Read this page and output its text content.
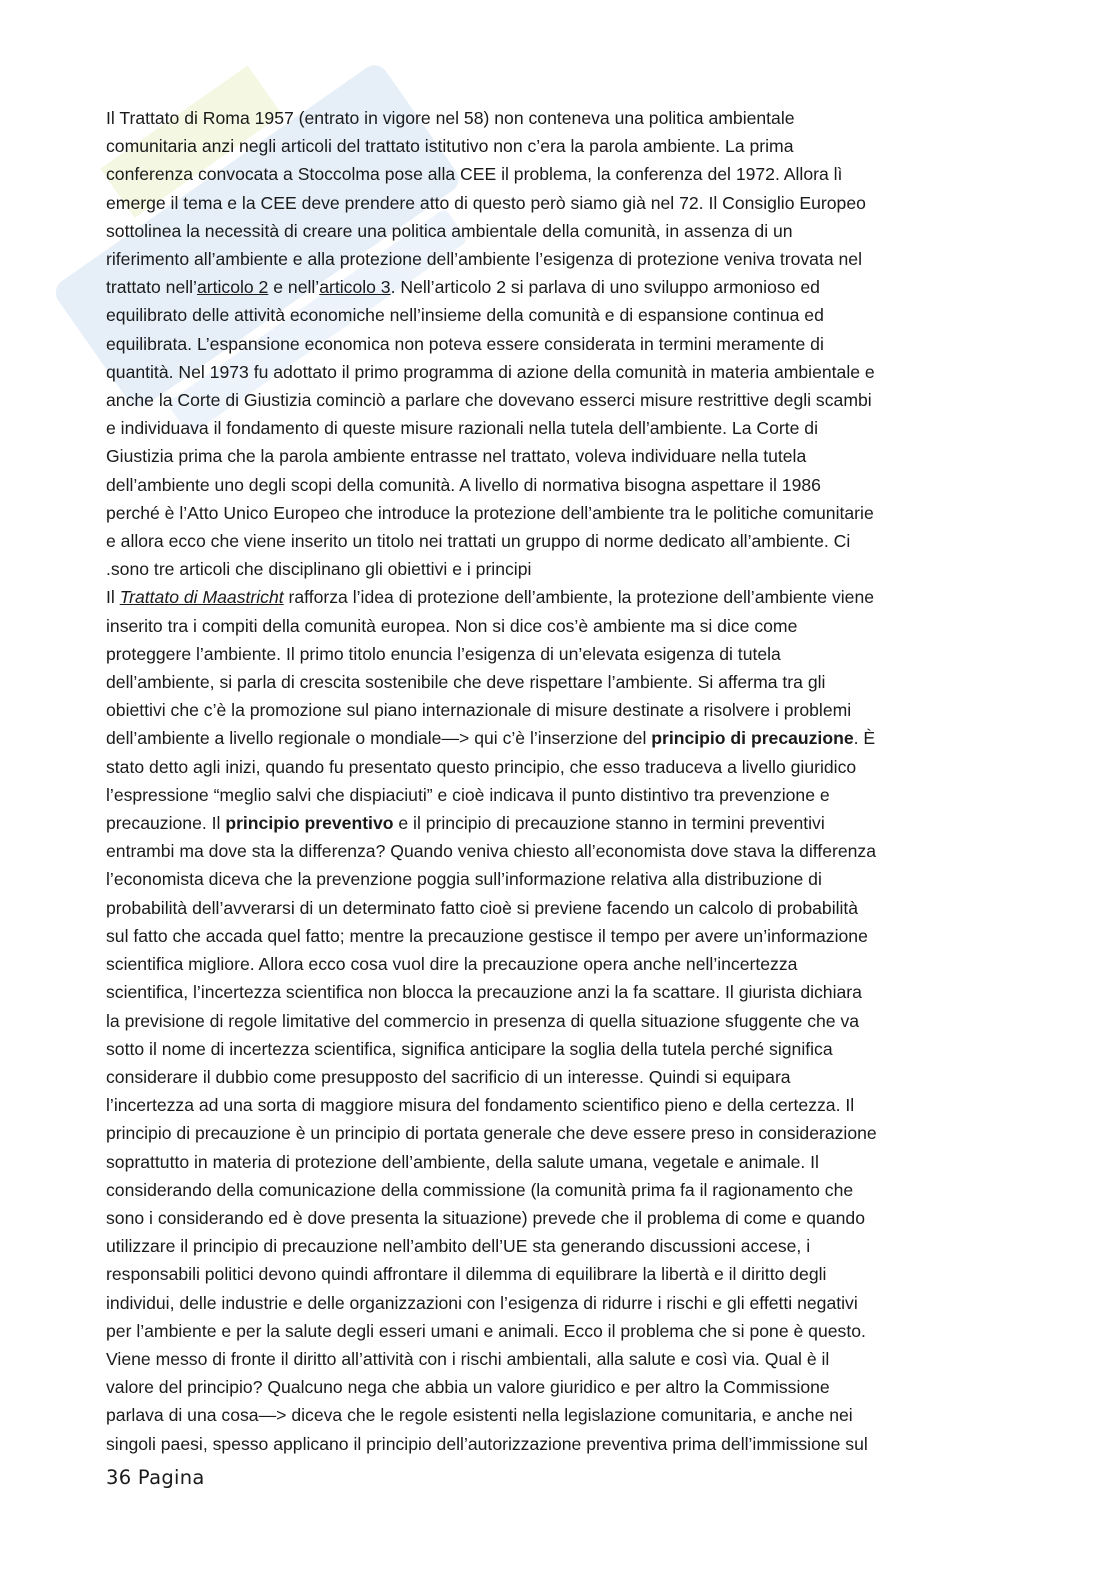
Il Trattato di Roma 1957 (entrato in vigore nel 58) non conteneva una politica ambientale

comunitaria anzi negli articoli del trattato istitutivo non c’era la parola ambiente. La prima

conferenza convocata a Stoccolma pose alla CEE il problema, la conferenza del 1972. Allora lì

emerge il tema e la CEE deve prendere atto di questo però siamo già nel 72. Il Consiglio Europeo

sottolinea la necessità di creare una politica ambientale della comunità, in assenza di un

riferimento all’ambiente e alla protezione dell’ambiente l’esigenza di protezione veniva trovata nel

trattato nell’articolo 2 e nell’articolo 3. Nell’articolo 2 si parlava di uno sviluppo armonioso ed

equilibrato delle attività economiche nell’insieme della comunità e di espansione continua ed

equilibrata. L’espansione economica non poteva essere considerata in termini meramente di

quantità. Nel 1973 fu adottato il primo programma di azione della comunità in materia ambientale e

anche la Corte di Giustizia cominciò a parlare che dovevano esserci misure restrittive degli scambi

e individuava il fondamento di queste misure razionali nella tutela dell’ambiente. La Corte di

Giustizia prima che la parola ambiente entrasse nel trattato, voleva individuare nella tutela

dell’ambiente uno degli scopi della comunità. A livello di normativa bisogna aspettare il 1986

perché è l’Atto Unico Europeo che introduce la protezione dell’ambiente tra le politiche comunitarie

e allora ecco che viene inserito un titolo nei trattati un gruppo di norme dedicato all’ambiente. Ci

.sono tre articoli che disciplinano gli obiettivi e i principi

Il Trattato di Maastricht rafforza l’idea di protezione dell’ambiente, la protezione dell’ambiente viene

inserito tra i compiti della comunità europea. Non si dice cos’è ambiente ma si dice come

proteggere l’ambiente. Il primo titolo enuncia l’esigenza di un’elevata esigenza di tutela

dell’ambiente, si parla di crescita sostenibile che deve rispettare l’ambiente. Si afferma tra gli

obiettivi che c’è la promozione sul piano internazionale di misure destinate a risolvere i problemi

dell’ambiente a livello regionale o mondiale—> qui c’è l’inserzione del principio di precauzione. È

stato detto agli inizi, quando fu presentato questo principio, che esso traduceva a livello giuridico

l’espressione “meglio salvi che dispiaciuti” e cioè indicava il punto distintivo tra prevenzione e

precauzione. Il principio preventivo e il principio di precauzione stanno in termini preventivi

entrambi ma dove sta la differenza? Quando veniva chiesto all’economista dove stava la differenza

l’economista diceva che la prevenzione poggia sull’informazione relativa alla distribuzione di

probabilità dell’avverarsi di un determinato fatto cioè si previene facendo un calcolo di probabilità

sul fatto che accada quel fatto; mentre la precauzione gestisce il tempo per avere un’informazione

scientifica migliore. Allora ecco cosa vuol dire la precauzione opera anche nell’incertezza

scientifica, l’incertezza scientifica non blocca la precauzione anzi la fa scattare. Il giurista dichiara

la previsione di regole limitative del commercio in presenza di quella situazione sfuggente che va

sotto il nome di incertezza scientifica, significa anticipare la soglia della tutela perché significa

considerare il dubbio come presupposto del sacrificio di un interesse. Quindi si equipara

l’incertezza ad una sorta di maggiore misura del fondamento scientifico pieno e della certezza. Il

principio di precauzione è un principio di portata generale che deve essere preso in considerazione

soprattutto in materia di protezione dell’ambiente, della salute umana, vegetale e animale. Il

considerando della comunicazione della commissione (la comunità prima fa il ragionamento che

sono i considerando ed è dove presenta la situazione) prevede che il problema di come e quando

utilizzare il principio di precauzione nell’ambito dell’UE sta generando discussioni accese, i

responsabili politici devono quindi affrontare il dilemma di equilibrare la libertà e il diritto degli

individui, delle industrie e delle organizzazioni con l’esigenza di ridurre i rischi e gli effetti negativi

per l’ambiente e per la salute degli esseri umani e animali. Ecco il problema che si pone è questo.

Viene messo di fronte il diritto all’attività con i rischi ambientali, alla salute e così via. Qual è il

valore del principio? Qualcuno nega che abbia un valore giuridico e per altro la Commissione

parlava di una cosa—> diceva che le regole esistenti nella legislazione comunitaria, e anche nei

singoli paesi, spesso applicano il principio dell’autorizzazione preventiva prima dell’immissione sul

36 Pagina
